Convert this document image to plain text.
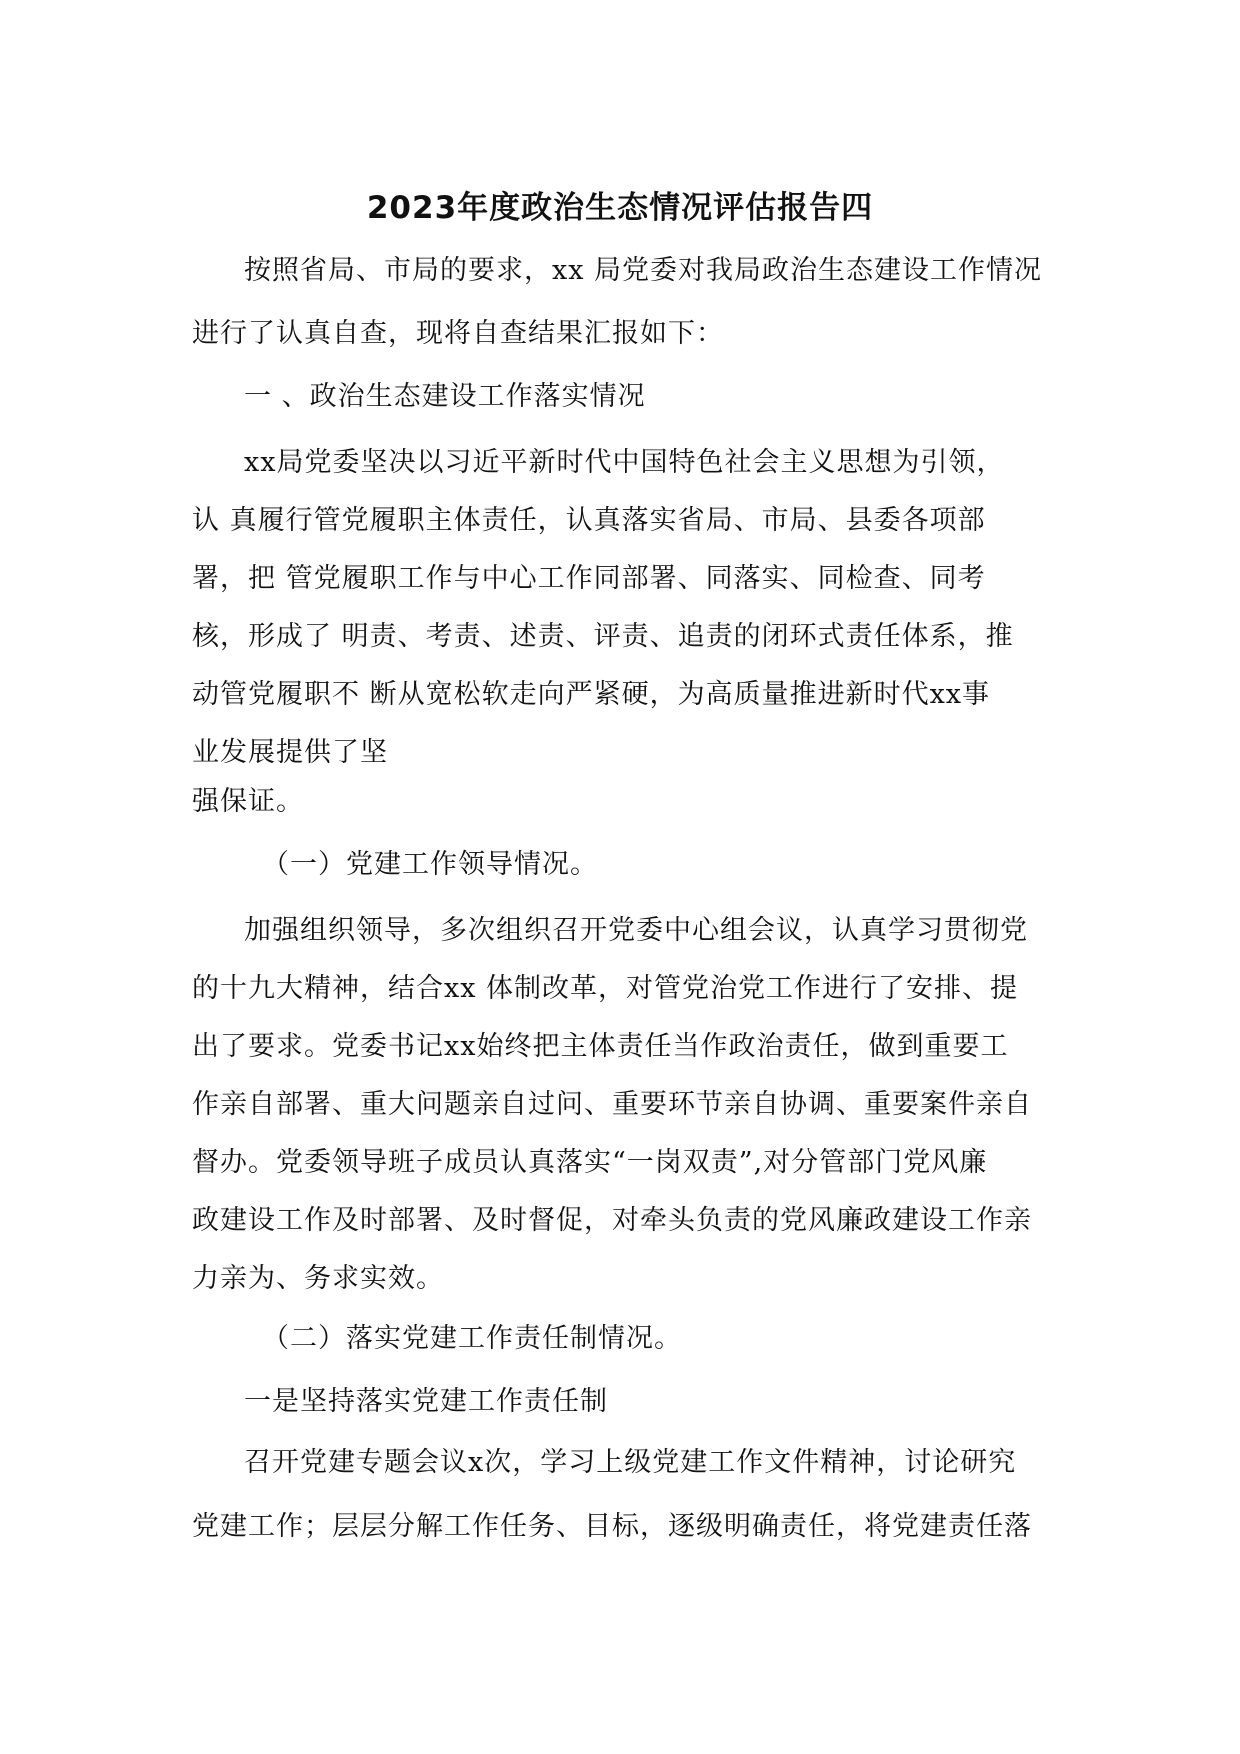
2023年度政治生态情况评估报告四
按照省局、市局的要求，xx 局党委对我局政治生态建设工作情况
进行了认真自查，现将自查结果汇报如下：
一 、政治生态建设工作落实情况
xx局党委坚决以习近平新时代中国特色社会主义思想为引领，
认 真履行管党履职主体责任，认真落实省局、市局、县委各项部
署，把 管党履职工作与中心工作同部署、同落实、同检查、同考
核，形成了 明责、考责、述责、评责、追责的闭环式责任体系，推
动管党履职不 断从宽松软走向严紧硬，为高质量推进新时代xx事
业发展提供了坚
强保证。
（一）党建工作领导情况。
加强组织领导，多次组织召开党委中心组会议，认真学习贯彻党
的十九大精神，结合xx 体制改革，对管党治党工作进行了安排、提
出了要求。党委书记xx始终把主体责任当作政治责任，做到重要工
作亲自部署、重大问题亲自过问、重要环节亲自协调、重要案件亲自
督办。党委领导班子成员认真落实“一岗双责”,对分管部门党风廉
政建设工作及时部署、及时督促，对牵头负责的党风廉政建设工作亲
力亲为、务求实效。
（二）落实党建工作责任制情况。
一是坚持落实党建工作责任制
召开党建专题会议x次，学习上级党建工作文件精神，讨论研究
党建工作；层层分解工作任务、目标，逐级明确责任，将党建责任落
